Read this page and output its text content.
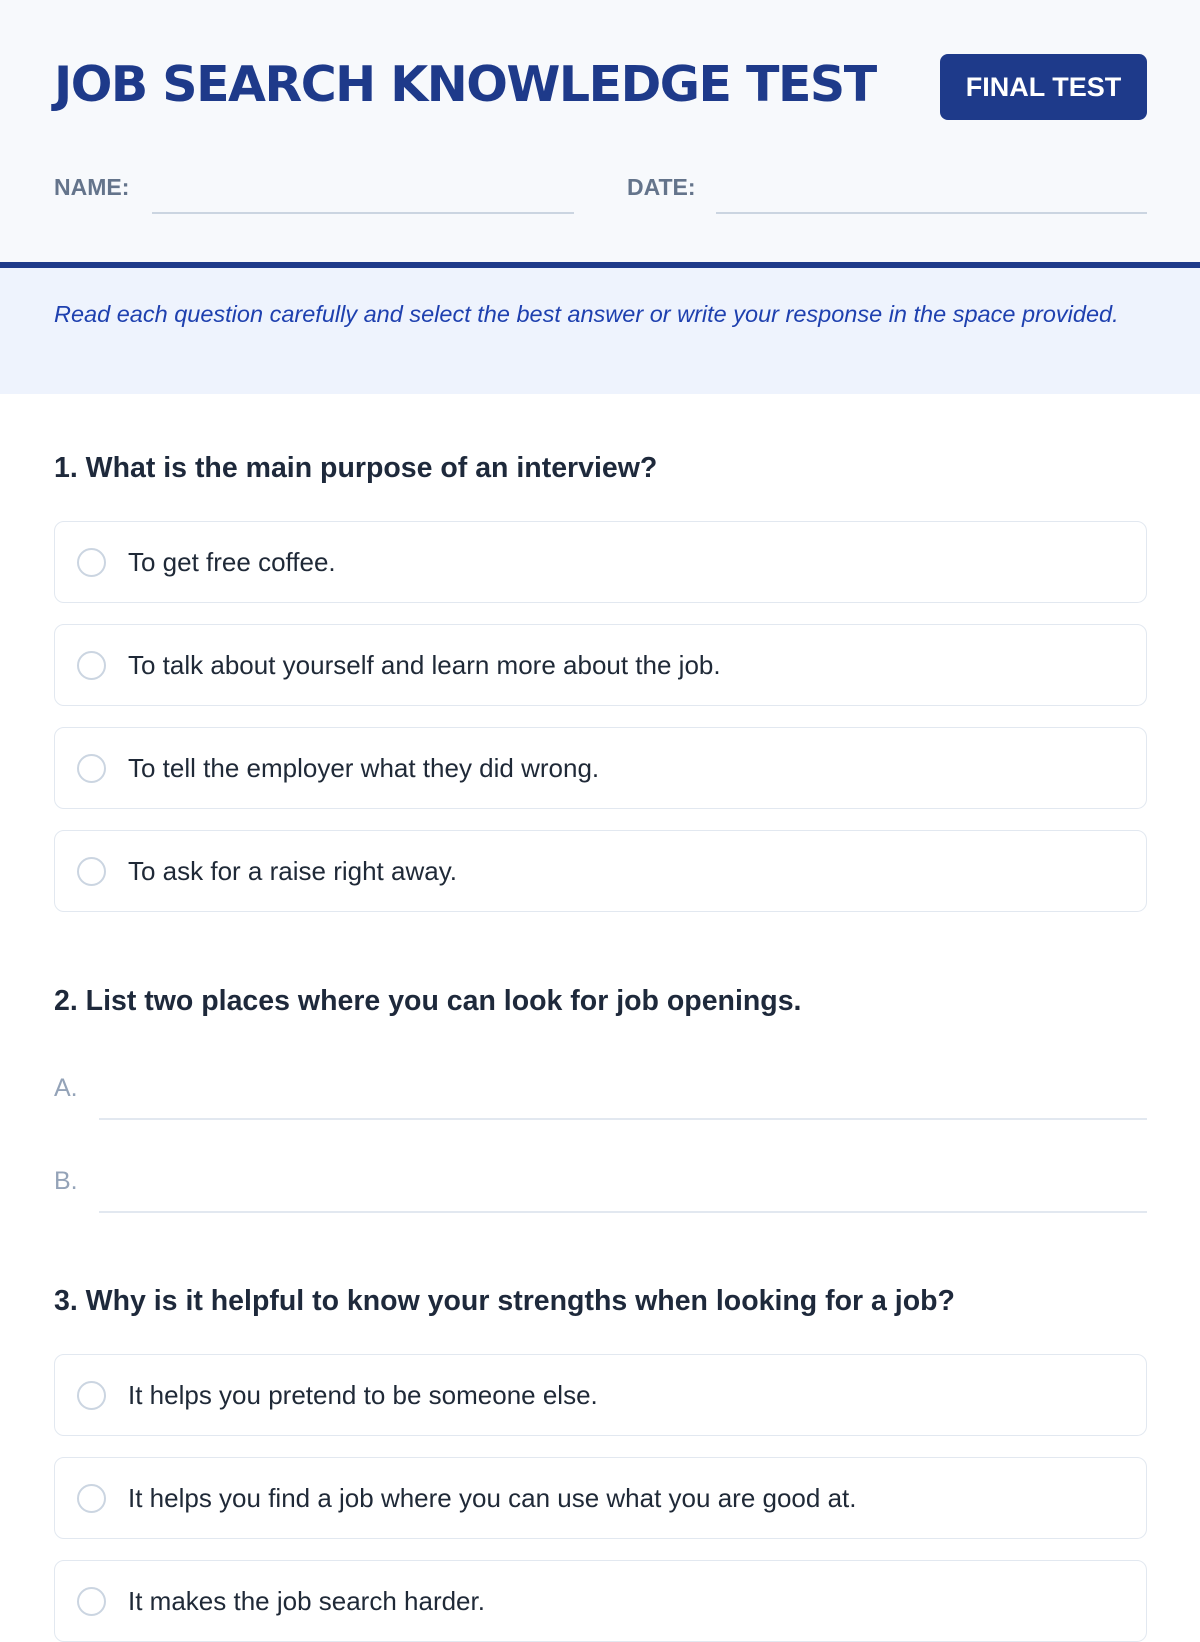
JOB SEARCH KNOWLEDGE TEST	FINAL TEST
NAME:	DATE:

Read each question carefully and select the best answer or write your response in the space provided.

1. What is the main purpose of an interview?
To get free coffee.
To talk about yourself and learn more about the job.
To tell the employer what they did wrong.
To ask for a raise right away.
2. List two places where you can look for job openings.
A.
B.
3. Why is it helpful to know your strengths when looking for a job?
It helps you pretend to be someone else.
It helps you find a job where you can use what you are good at.
It makes the job search harder.
